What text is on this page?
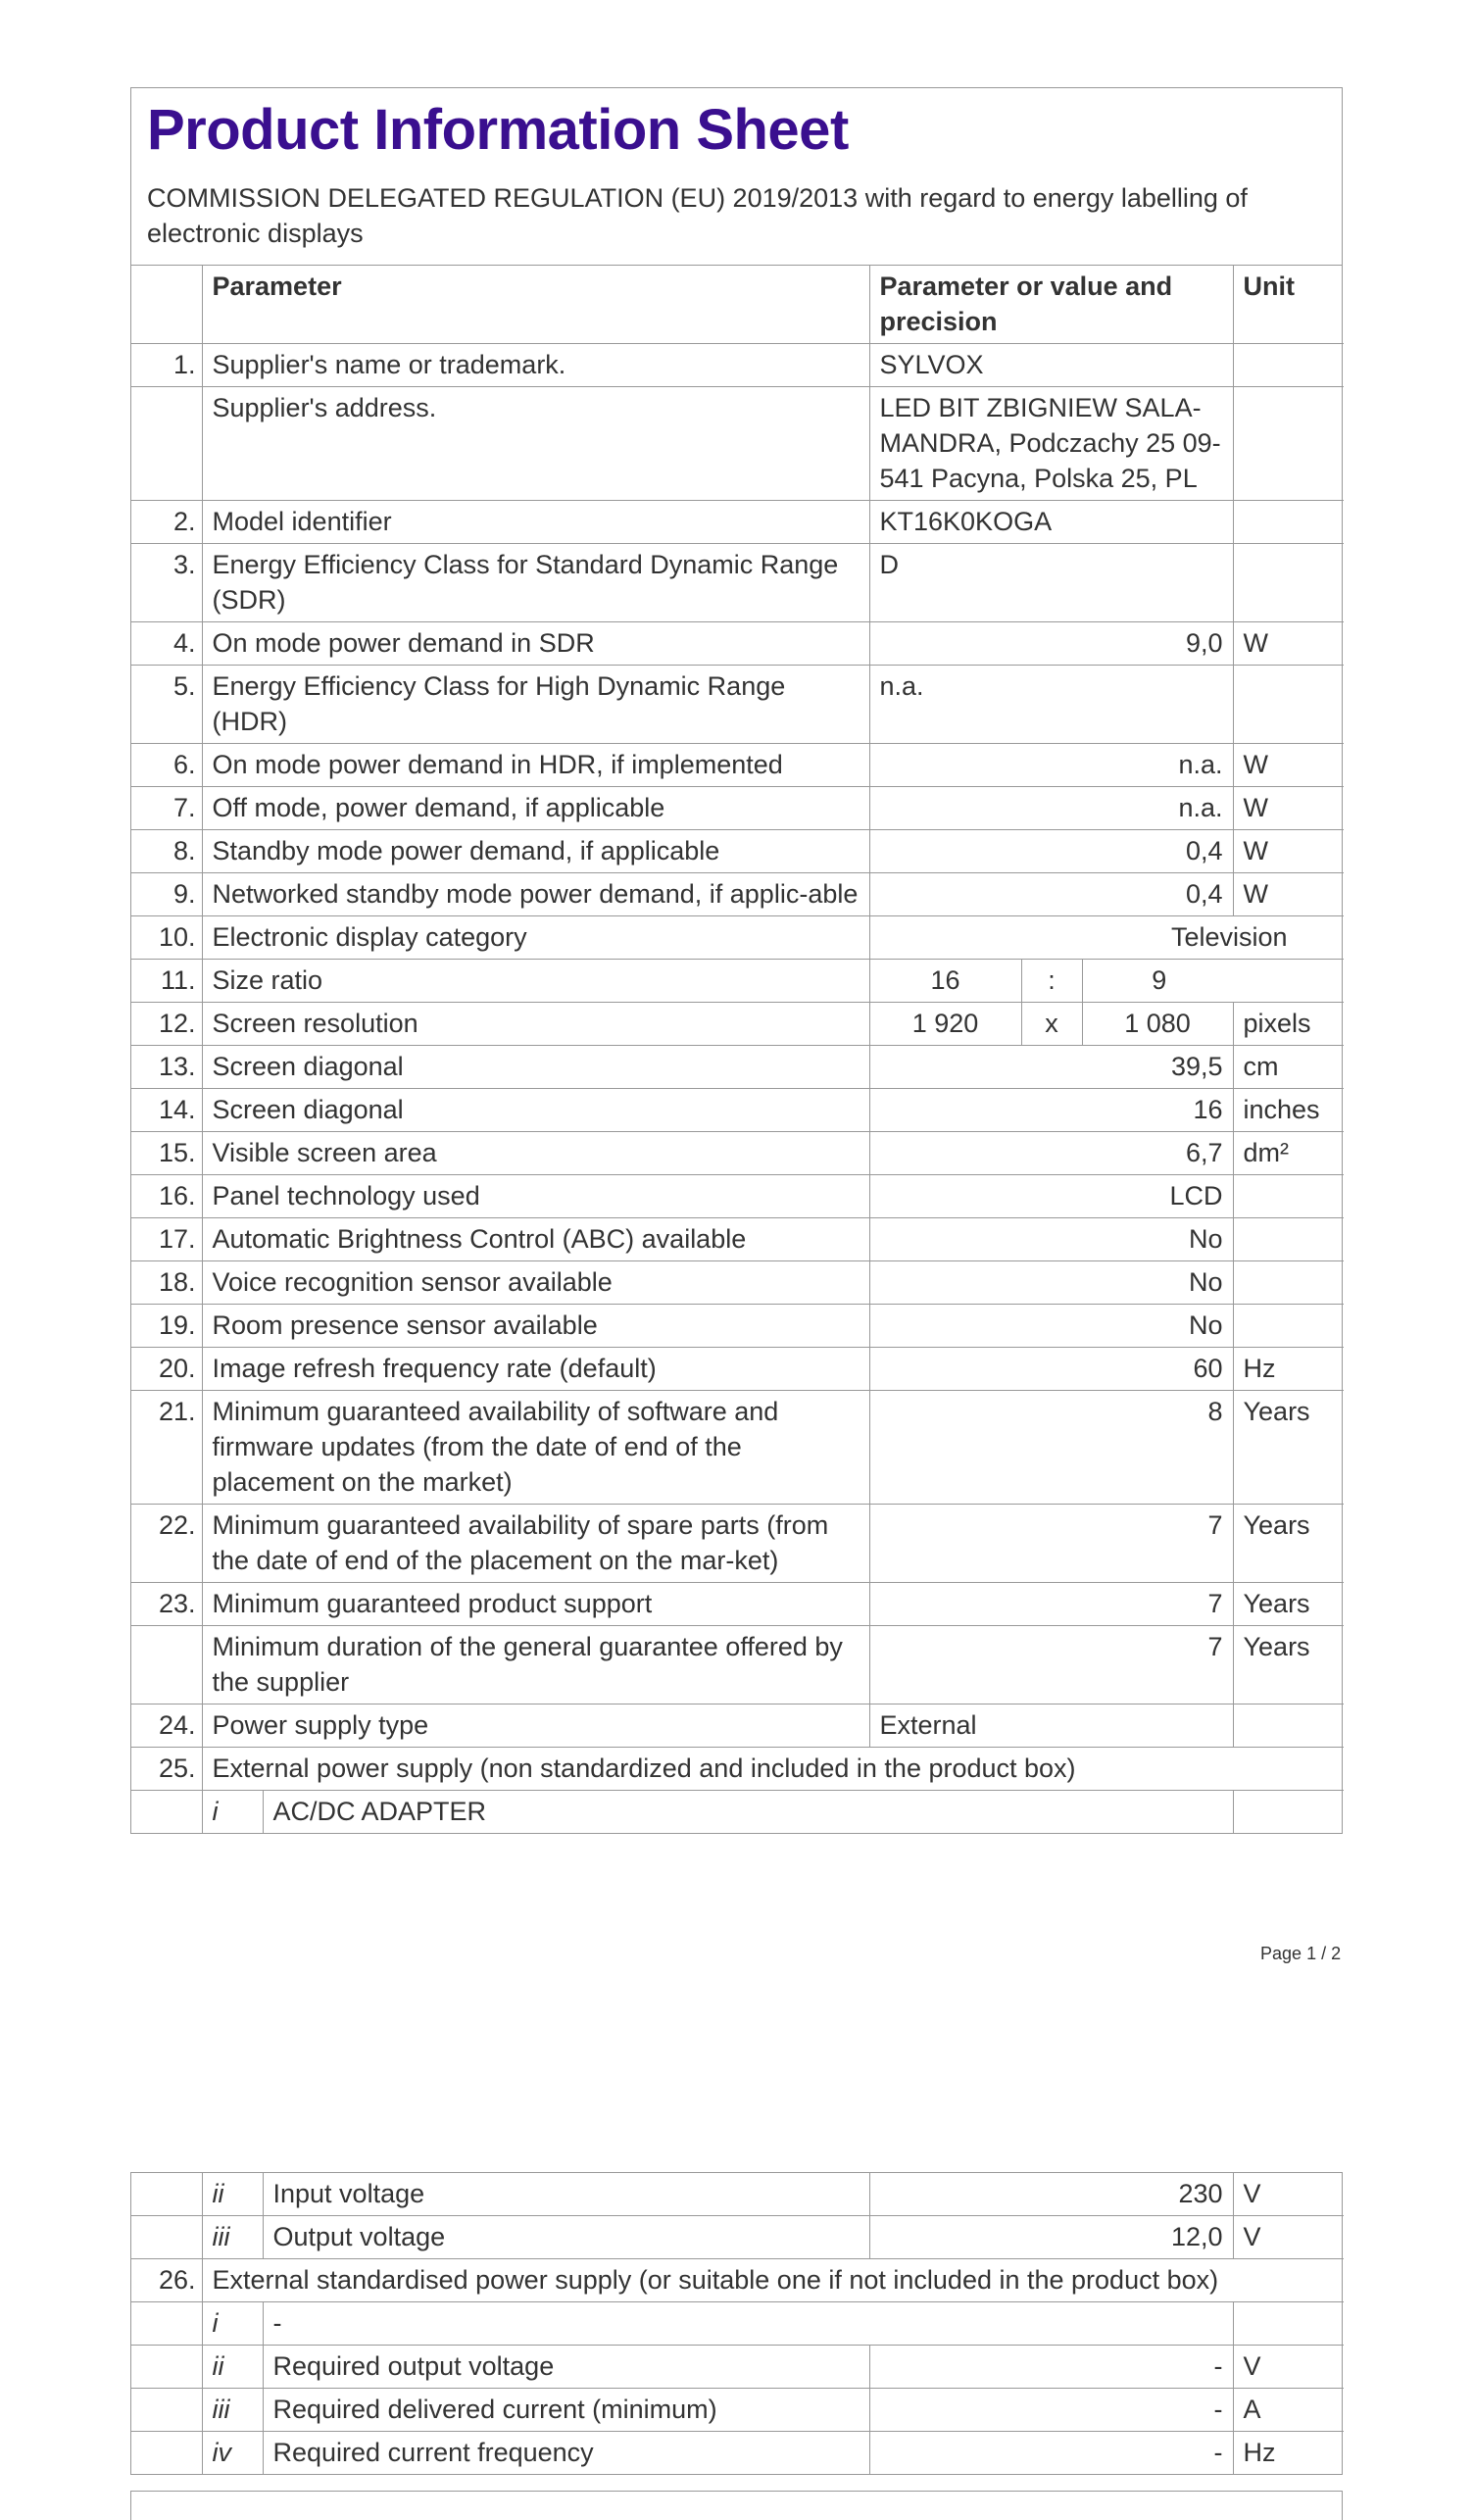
Product Information Sheet
COMMISSION DELEGATED REGULATION (EU) 2019/2013 with regard to energy labelling of electronic displays
	Parameter		Parameter or value and precision			Unit
1.	Supplier's name or trademark.		SYLVOX			
	Supplier's address.		LED BIT ZBIGNIEW SALA-MANDRA, Podczachy 25 09-541 Pacyna, Polska 25, PL			
2.	Model identifier		KT16K0KOGA			
3.	Energy Efficiency Class for Standard Dynamic Range (SDR)		D			
4.	On mode power demand in SDR		9,0			W
5.	Energy Efficiency Class for High Dynamic Range (HDR)		n.a.			
6.	On mode power demand in HDR, if implemented		n.a.			W
7.	Off mode, power demand, if applicable		n.a.			W
8.	Standby mode power demand, if applicable		0,4			W
9.	Networked standby mode power demand, if applic-able		0,4			W
10.	Electronic display category		Television			
11.	Size ratio		16	:	9	
12.	Screen resolution		1 920	x	1 080	pixels
13.	Screen diagonal		39,5			cm
14.	Screen diagonal		16			inches
15.	Visible screen area		6,7			dm²
16.	Panel technology used		LCD			
17.	Automatic Brightness Control (ABC) available		No			
18.	Voice recognition sensor available		No			
19.	Room presence sensor available		No			
20.	Image refresh frequency rate (default)		60			Hz
21.	Minimum guaranteed availability of software and firmware updates (from the date of end of the placement on the market)		8			Years
22.	Minimum guaranteed availability of spare parts (from the date of end of the placement on the mar-ket)		7			Years
23.	Minimum guaranteed product support		7			Years
	Minimum duration of the general guarantee offered by the supplier		7			Years
24.	Power supply type		External			
25.	External power supply (non standardized and included in the product box)					
	i	AC/DC ADAPTER				
Page 1 / 2
	ii	Input voltage	230	V
	iii	Output voltage	12,0	V
26.	External standardised power supply (or suitable one if not included in the product box)			
	i	-		
	ii	Required output voltage	-	V
	iii	Required delivered current (minimum)	-	A
	iv	Required current frequency	-	Hz
